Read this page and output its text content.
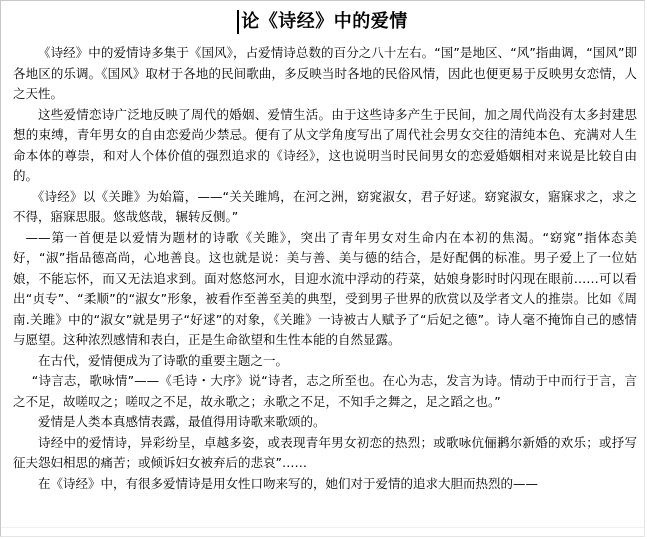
论《诗经》中的爱情

《诗经》中的爱情诗多集于《国风》，占爱情诗总数的百分之八十左右。“国”是地区、“风”指曲调，“国风”即各地区的乐调。《国风》取材于各地的民间歌曲，多反映当时各地的民俗风情，因此也便更易于反映男女恋情，人之天性。

这些爱情恋诗广泛地反映了周代的婚姻、爱情生活。由于这些诗多产生于民间，加之周代尚没有太多封建思想的束缚，青年男女的自由恋爱尚少禁忌。便有了从文学角度写出了周代社会男女交往的清纯本色、充满对人生命本体的尊崇，和对人个体价值的强烈追求的《诗经》，这也说明当时民间男女的恋爱婚姻相对来说是比较自由的。

《诗经》以《关雎》为始篇，——“关关雎鸠，在河之洲，窈窕淑女，君子好逑。窈窕淑女，寤寐求之，求之不得，寤寐思服。悠哉悠哉，辗转反侧。”

——第一首便是以爱情为题材的诗歌《关雎》，突出了青年男女对生命内在本初的焦渴。“窈窕”指体态美好，“淑”指品德高尚，心地善良。这也就是说：美与善、美与德的结合，是好配偶的标准。男子爱上了一位姑娘，不能忘怀，而又无法追求到。面对悠悠河水，目迎水流中浮动的荇菜，姑娘身影时时闪现在眼前……可以看出“贞专”、“柔顺”的“淑女”形象，被看作至善至美的典型，受到男子世界的欣赏以及学者文人的推崇。比如《周南.关雎》中的“淑女”就是男子“好逑”的对象，《关雎》一诗被古人赋予了“后妃之德”。诗人毫不掩饰自己的感情与愿望。这种浓烈感情和表白，正是生命欲望和生性本能的自然显露。

在古代，爱情便成为了诗歌的重要主题之一。

“诗言志，歌咏情”——《毛诗・大序》说“诗者，志之所至也。在心为志，发言为诗。情动于中而行于言，言之不足，故嗟叹之；嗟叹之不足，故永歌之；永歌之不足，不知手之舞之，足之蹈之也。”

爱情是人类本真感情表露，最值得用诗歌来歌颂的。

诗经中的爱情诗，异彩纷呈，卓越多姿，或表现青年男女初恋的热烈；或歌咏伉俪鹣尔新婚的欢乐；或抒写征夫怨妇相思的痛苦；或倾诉妇女被弃后的悲哀”……

在《诗经》中，有很多爱情诗是用女性口吻来写的，她们对于爱情的追求大胆而热烈的——
